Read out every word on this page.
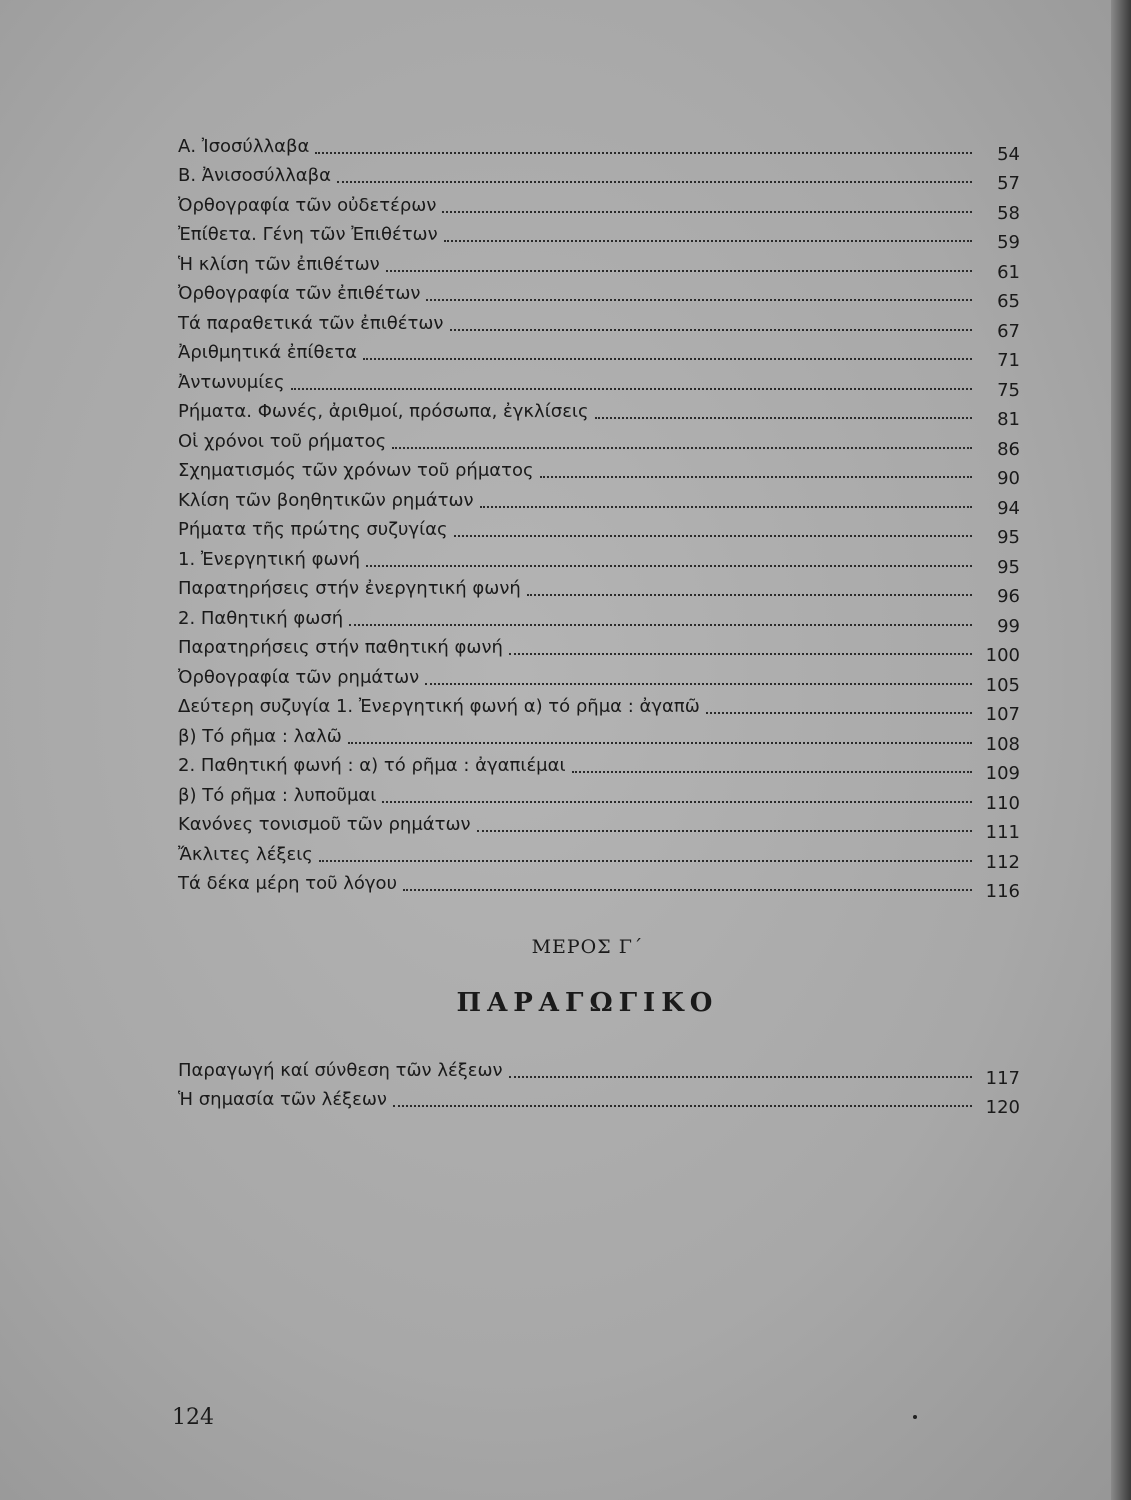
Α. Ἰσοσύλλαβα	54
Β. Ἀνισοσύλλαβα	57
Ὀρθογραφία τῶν οὐδετέρων	58
Ἐπίθετα. Γένη τῶν Ἐπιθέτων	59
Ἡ κλίση τῶν ἐπιθέτων	61
Ὀρθογραφία τῶν ἐπιθέτων	65
Τά παραθετικά τῶν ἐπιθέτων	67
Ἀριθμητικά ἐπίθετα	71
Ἀντωνυμίες	75
Ρήματα. Φωνές, ἀριθμοί, πρόσωπα, ἐγκλίσεις	81
Οἱ χρόνοι τοῦ ρήματος	86
Σχηματισμός τῶν χρόνων τοῦ ρήματος	90
Κλίση τῶν βοηθητικῶν ρημάτων	94
Ρήματα τῆς πρώτης συζυγίας	95
1. Ἐνεργητική φωνή	95
Παρατηρήσεις στήν ἐνεργητική φωνή	96
2. Παθητική φωσή	99
Παρατηρήσεις στήν παθητική φωνή	100
Ὀρθογραφία τῶν ρημάτων	105
Δεύτερη συζυγία 1. Ἐνεργητική φωνή α) τό ρῆμα : ἀγαπῶ	107
β) Τό ρῆμα : λαλῶ	108
2. Παθητική φωνή : α) τό ρῆμα : ἀγαπιέμαι	109
β) Τό ρῆμα : λυποῦμαι	110
Κανόνες τονισμοῦ τῶν ρημάτων	111
Ἄκλιτες λέξεις	112
Τά δέκα μέρη τοῦ λόγου	116
ΜΕΡΟΣ Γ΄
ΠΑΡΑΓΩΓΙΚΟ
Παραγωγή καί σύνθεση τῶν λέξεων	117
Ἡ σημασία τῶν λέξεων	120
124
